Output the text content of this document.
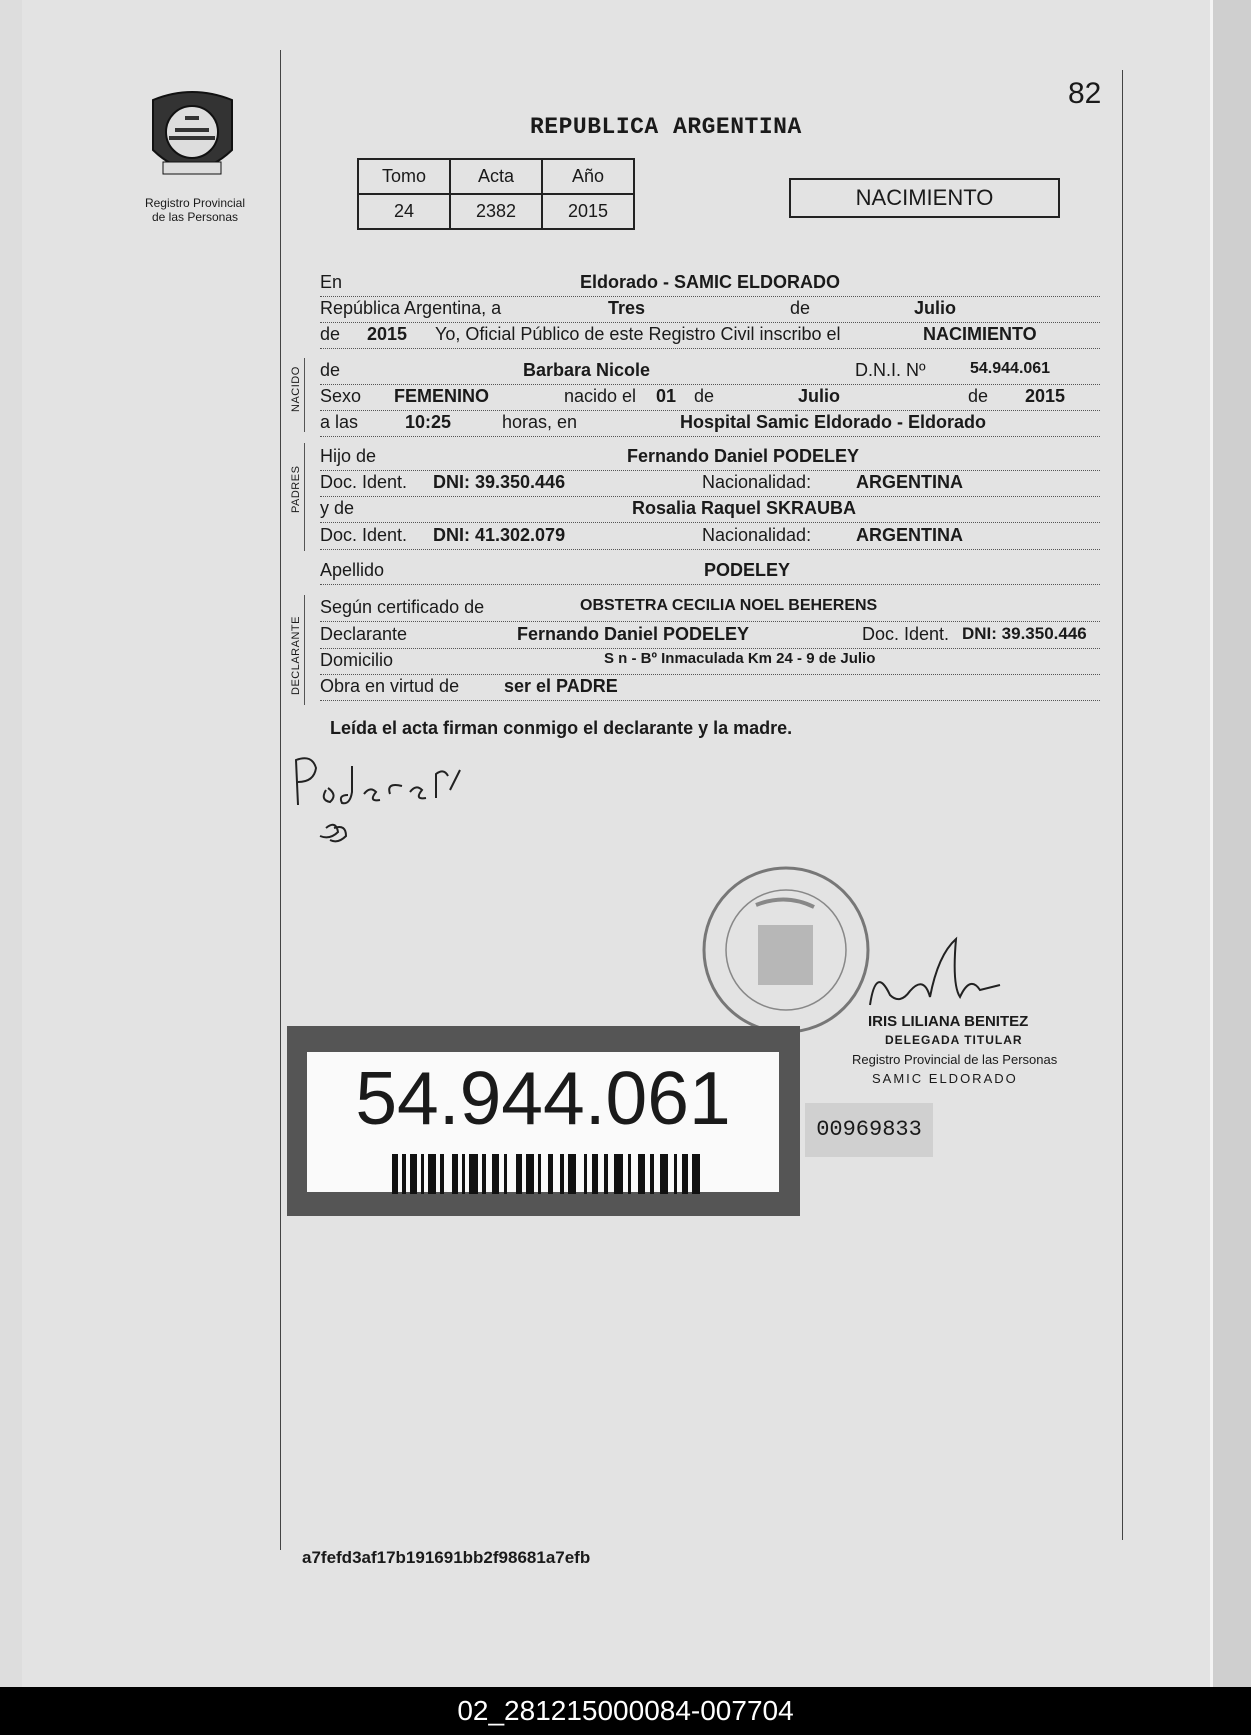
82
Registro Provincial
de las Personas
REPUBLICA ARGENTINA
Tomo	Acta	Año
24	2382	2015
NACIMIENTO
NACIDO
PADRES
DECLARANTE
En	Eldorado - SAMIC ELDORADO
República Argentina, a	Tres	de	Julio
de 2015 Yo, Oficial Público de este Registro Civil inscribo el	NACIMIENTO
de	Barbara Nicole	D.N.I. Nº	54.944.061
Sexo FEMENINO	nacido el 01 de	Julio	de 2015
a las	10:25	horas, en	Hospital Samic Eldorado - Eldorado
Hijo de	Fernando Daniel PODELEY
Doc. Ident. DNI: 39.350.446	Nacionalidad: ARGENTINA
y de	Rosalia Raquel SKRAUBA
Doc. Ident. DNI: 41.302.079	Nacionalidad: ARGENTINA
Apellido	PODELEY
Según certificado de	OBSTETRA CECILIA NOEL BEHERENS
Declarante	Fernando Daniel PODELEY	Doc. Ident. DNI: 39.350.446
Domicilio	S n - Bº Inmaculada Km 24 - 9 de Julio
Obra en virtud de ser el PADRE
Leída el acta firman conmigo el declarante y la madre.
IRIS LILIANA BENITEZ
DELEGADA TITULAR
Registro Provincial de las Personas
SAMIC ELDORADO
00969833
54.944.061
a7fefd3af17b191691bb2f98681a7efb
02_281215000084-007704
